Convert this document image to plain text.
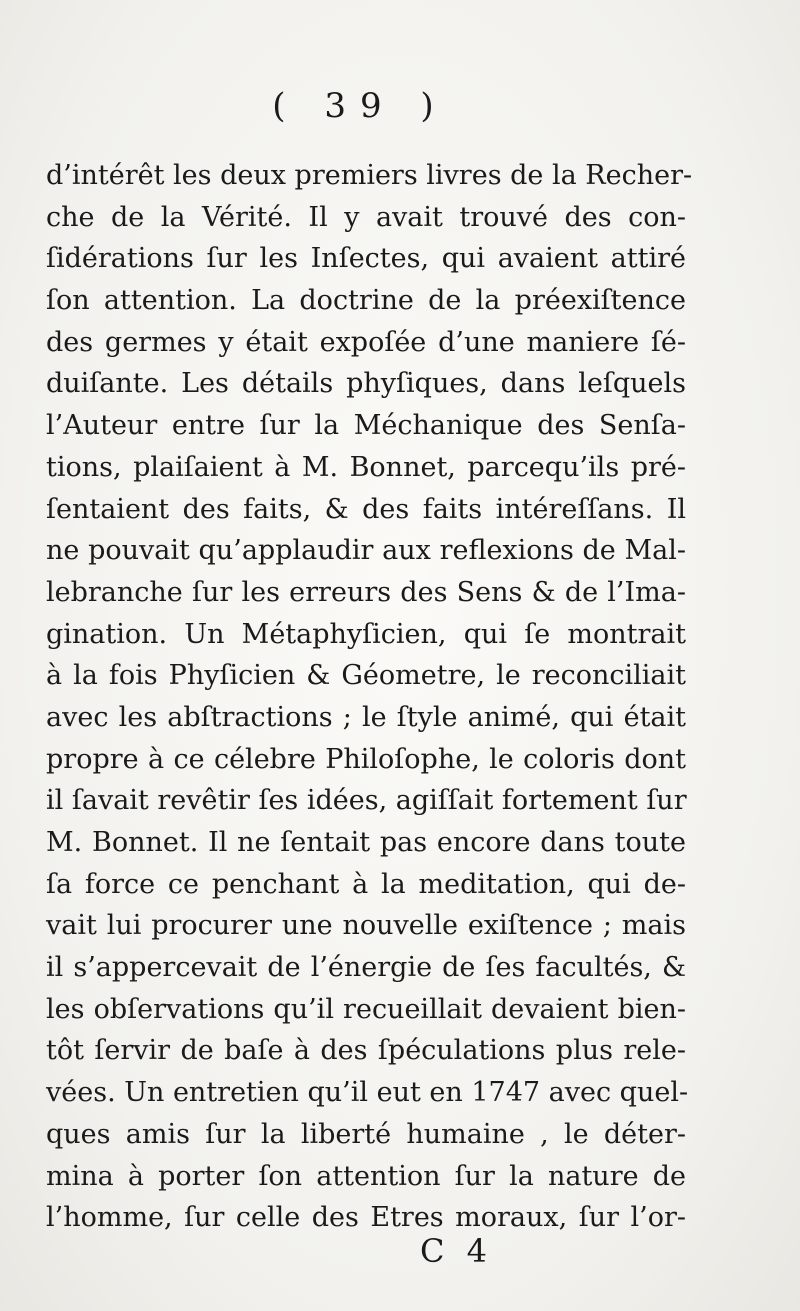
( 39 )
d’intérêt les deux premiers livres de la Recher-
che de la Vérité. Il y avait trouvé des con-
ſidérations ſur les Inſectes, qui avaient attiré
ſon attention. La doctrine de la préexiſtence
des germes y était expoſée d’une maniere ſé-
duiſante. Les détails phyſiques, dans leſquels
l’Auteur entre ſur la Méchanique des Senſa-
tions, plaiſaient à M. Bonnet, parcequ’ils pré-
ſentaient des faits, & des faits intéreſſans. Il
ne pouvait qu’applaudir aux reflexions de Mal-
lebranche ſur les erreurs des Sens & de l’Ima-
gination. Un Métaphyſicien, qui ſe montrait
à la fois Phyſicien & Géometre, le reconciliait
avec les abſtractions ; le ſtyle animé, qui était
propre à ce célebre Philoſophe, le coloris dont
il ſavait revêtir ſes idées, agiſſait fortement ſur
M. Bonnet. Il ne ſentait pas encore dans toute
ſa force ce penchant à la meditation, qui de-
vait lui procurer une nouvelle exiſtence ; mais
il s’appercevait de l’énergie de ſes facultés, &
les obſervations qu’il recueillait devaient bien-
tôt ſervir de baſe à des ſpéculations plus rele-
vées. Un entretien qu’il eut en 1747 avec quel-
ques amis ſur la liberté humaine , le déter-
mina à porter ſon attention ſur la nature de
l’homme, ſur celle des Etres moraux, ſur l’or-
C 4
